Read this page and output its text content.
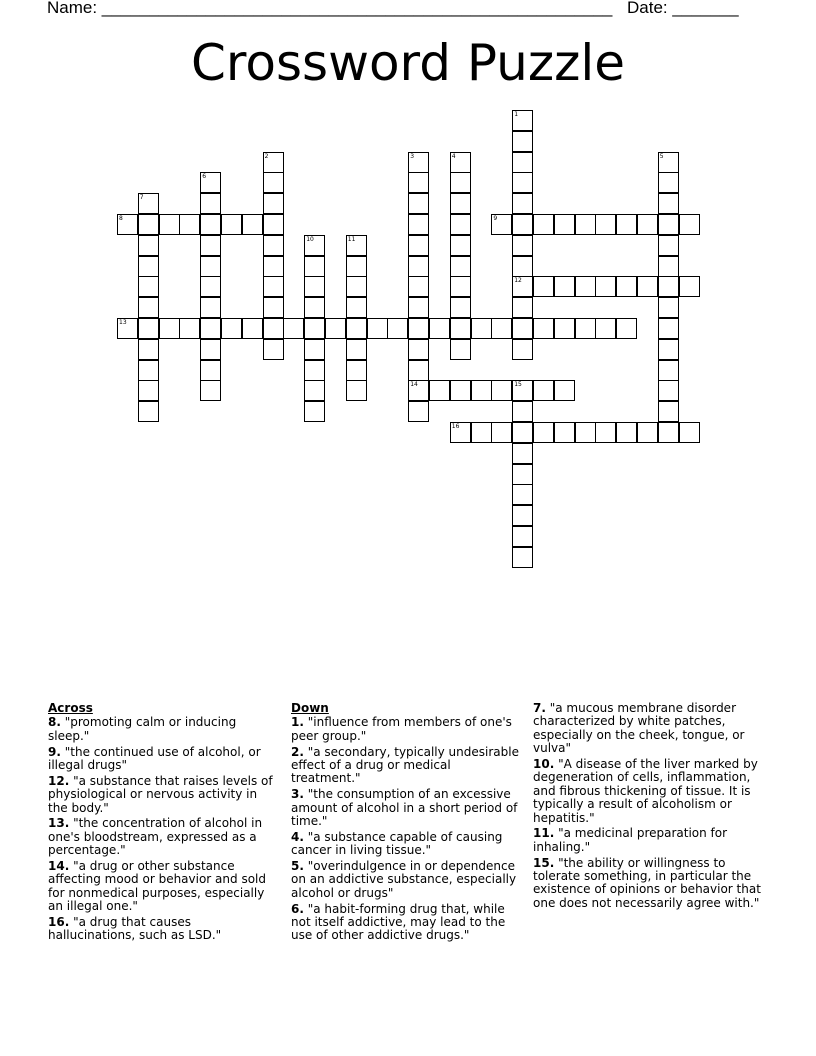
Name: ______________________________________________________ Date: _______
Crossword Puzzle
8	9
12
13
14	15
16
1
2	3	4	5
6
7
10	11
Across
8. "promoting calm or inducing sleep."
9. "the continued use of alcohol, or illegal drugs"
12. "a substance that raises levels of physiological or nervous activity in the body."
13. "the concentration of alcohol in one's bloodstream, expressed as a percentage."
14. "a drug or other substance affecting mood or behavior and sold for nonmedical purposes, especially an illegal one."
16. "a drug that causes hallucinations, such as LSD."
Down
1. "influence from members of one's peer group."
2. "a secondary, typically undesirable effect of a drug or medical treatment."
3. "the consumption of an excessive amount of alcohol in a short period of time."
4. "a substance capable of causing cancer in living tissue."
5. "overindulgence in or dependence on an addictive substance, especially alcohol or drugs"
6. "a habit-forming drug that, while not itself addictive, may lead to the use of other addictive drugs."
7. "a mucous membrane disorder characterized by white patches, especially on the cheek, tongue, or vulva"
10. "A disease of the liver marked by degeneration of cells, inflammation, and fibrous thickening of tissue. It is typically a result of alcoholism or hepatitis."
11. "a medicinal preparation for inhaling."
15. "the ability or willingness to tolerate something, in particular the existence of opinions or behavior that one does not necessarily agree with."
